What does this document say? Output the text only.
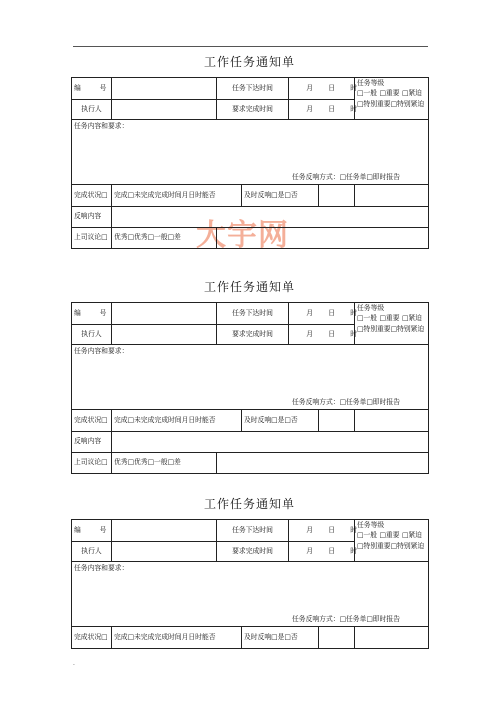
大宇网
工作任务通知单
编　号		任务下达时间		月 日 时		任务等级
□一般 □重要 □紧迫
□特别重要□特别紧迫

执行人		要求完成时间		月 日 时		
任务内容和要求：
任务反响方式：□任务单□即时报告						

完成状况□	完成□未完成完成时间月日时能否		及时反响□是□否			
反响内容						
上司议论□	优秀□优秀□一般□差					
工作任务通知单
编　号		任务下达时间		月 日 时		任务等级
□一般 □重要 □紧迫
□特别重要□特别紧迫

执行人		要求完成时间		月 日 时		
任务内容和要求：
任务反响方式：□任务单□即时报告						

完成状况□	完成□未完成完成时间月日时能否		及时反响□是□否			
反响内容						
上司议论□	优秀□优秀□一般□差					
工作任务通知单
编　号		任务下达时间		月 日 时		任务等级
□一般 □重要 □紧迫
□特别重要□特别紧迫

执行人		要求完成时间		月 日 时		
任务内容和要求：
任务反响方式：□任务单□即时报告						

完成状况□	完成□未完成完成时间月日时能否		及时反响□是□否			
·
